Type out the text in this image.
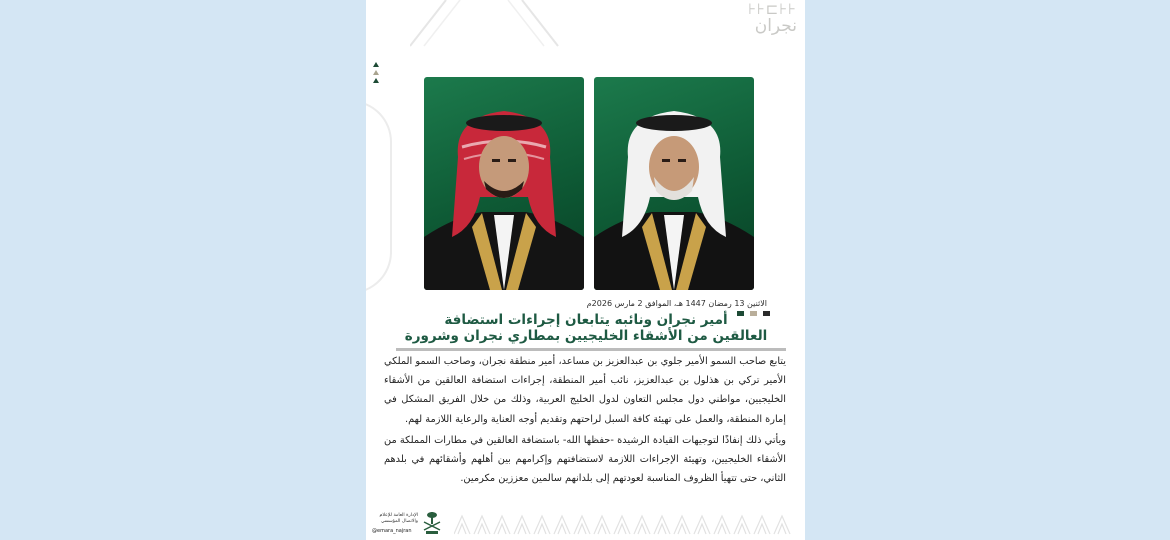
⊦⊦⊏⊦⊦
نجران
الاثنين 13 رمضان 1447 هـ، الموافق 2 مارس 2026م
أمير نجران ونائبه يتابعان إجراءات استضافة
العالقين من الأشقاء الخليجيين بمطاري نجران وشرورة

يتابع صاحب السمو الأمير جلوي بن عبدالعزيز بن مساعد، أمير منطقة نجران، وصاحب السمو الملكي الأمير تركي بن هذلول بن عبدالعزيز، نائب أمير المنطقة، إجراءات استضافة العالقين من الأشقاء الخليجيين، مواطني دول مجلس التعاون لدول الخليج العربية، وذلك من خلال الفريق المشكل في إمارة المنطقة، والعمل على تهيئة كافة السبل لراحتهم وتقديم أوجه العناية والرعاية اللازمة لهم.

ويأتي ذلك إنفاذًا لتوجيهات القيادة الرشيدة -حفظها الله- باستضافة العالقين في مطارات المملكة من الأشقاء الخليجيين، وتهيئة الإجراءات اللازمة لاستضافتهم وإكرامهم بين أهلهم وأشقائهم في بلدهم الثاني، حتى تتهيأ الظروف المناسبة لعودتهم إلى بلدانهم سالمين معززين مكرمين.

الإدارة العامة للإعلام والاتصال المؤسسي
@emara_najran
